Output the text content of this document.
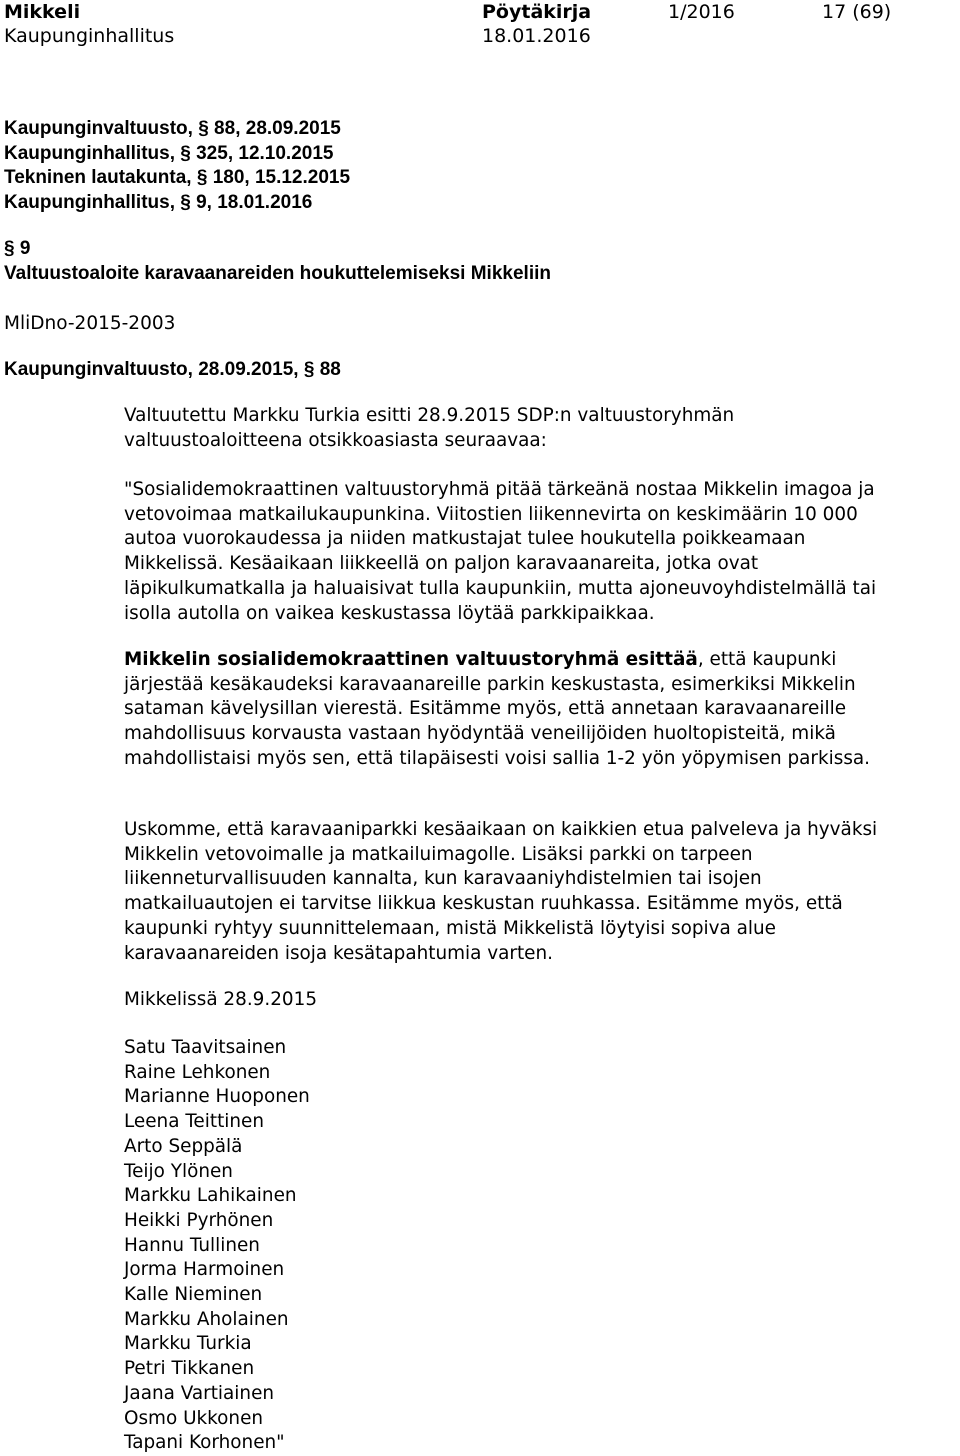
Mikkeli
Kaupunginhallitus
Pöytäkirja
18.01.2016
1/2016	17 (69)
Kaupunginvaltuusto, § 88, 28.09.2015
Kaupunginhallitus, § 325, 12.10.2015
Tekninen lautakunta, § 180, 15.12.2015
Kaupunginhallitus, § 9, 18.01.2016
§ 9
Valtuustoaloite karavaanareiden houkuttelemiseksi Mikkeliin
MliDno-2015-2003
Kaupunginvaltuusto, 28.09.2015, § 88

Valtuutettu Markku Turkia esitti 28.9.2015 SDP:n valtuustoryhmän valtuustoaloitteena otsikkoasiasta seuraavaa:

"Sosialidemokraattinen valtuustoryhmä pitää tärkeänä nostaa Mikkelin imagoa ja vetovoimaa matkailukaupunkina. Viitostien liikennevirta on keskimäärin 10 000 autoa vuorokaudessa ja niiden matkustajat tulee houkutella poikkeamaan Mikkelissä. Kesäaikaan liikkeellä on paljon karavaanareita, jotka ovat läpikulkumatkalla ja haluaisivat tulla kaupunkiin, mutta ajoneuvoyhdistelmällä tai isolla autolla on vaikea keskustassa löytää parkkipaikkaa.

Mikkelin sosialidemokraattinen valtuustoryhmä esittää, että kaupunki järjestää kesäkaudeksi karavaanareille parkin keskustasta, esimerkiksi Mikkelin sataman kävelysillan vierestä. Esitämme myös, että annetaan karavaanareille mahdollisuus korvausta vastaan hyödyntää veneilijöiden huoltopisteitä, mikä mahdollistaisi myös sen, että tilapäisesti voisi sallia 1-2 yön yöpymisen parkissa.

Uskomme, että karavaaniparkki kesäaikaan on kaikkien etua palveleva ja hyväksi Mikkelin vetovoimalle ja matkailuimagolle. Lisäksi parkki on tarpeen liikenneturvallisuuden kannalta, kun karavaaniyhdistelmien tai isojen matkailuautojen ei tarvitse liikkua keskustan ruuhkassa. Esitämme myös, että kaupunki ryhtyy suunnittelemaan, mistä Mikkelistä löytyisi sopiva alue karavaanareiden isoja kesätapahtumia varten.

Mikkelissä 28.9.2015

Satu Taavitsainen
Raine Lehkonen
Marianne Huoponen
Leena Teittinen
Arto Seppälä
Teijo Ylönen
Markku Lahikainen
Heikki Pyrhönen
Hannu Tullinen
Jorma Harmoinen
Kalle Nieminen
Markku Aholainen
Markku Turkia
Petri Tikkanen
Jaana Vartiainen
Osmo Ukkonen
Tapani Korhonen"
